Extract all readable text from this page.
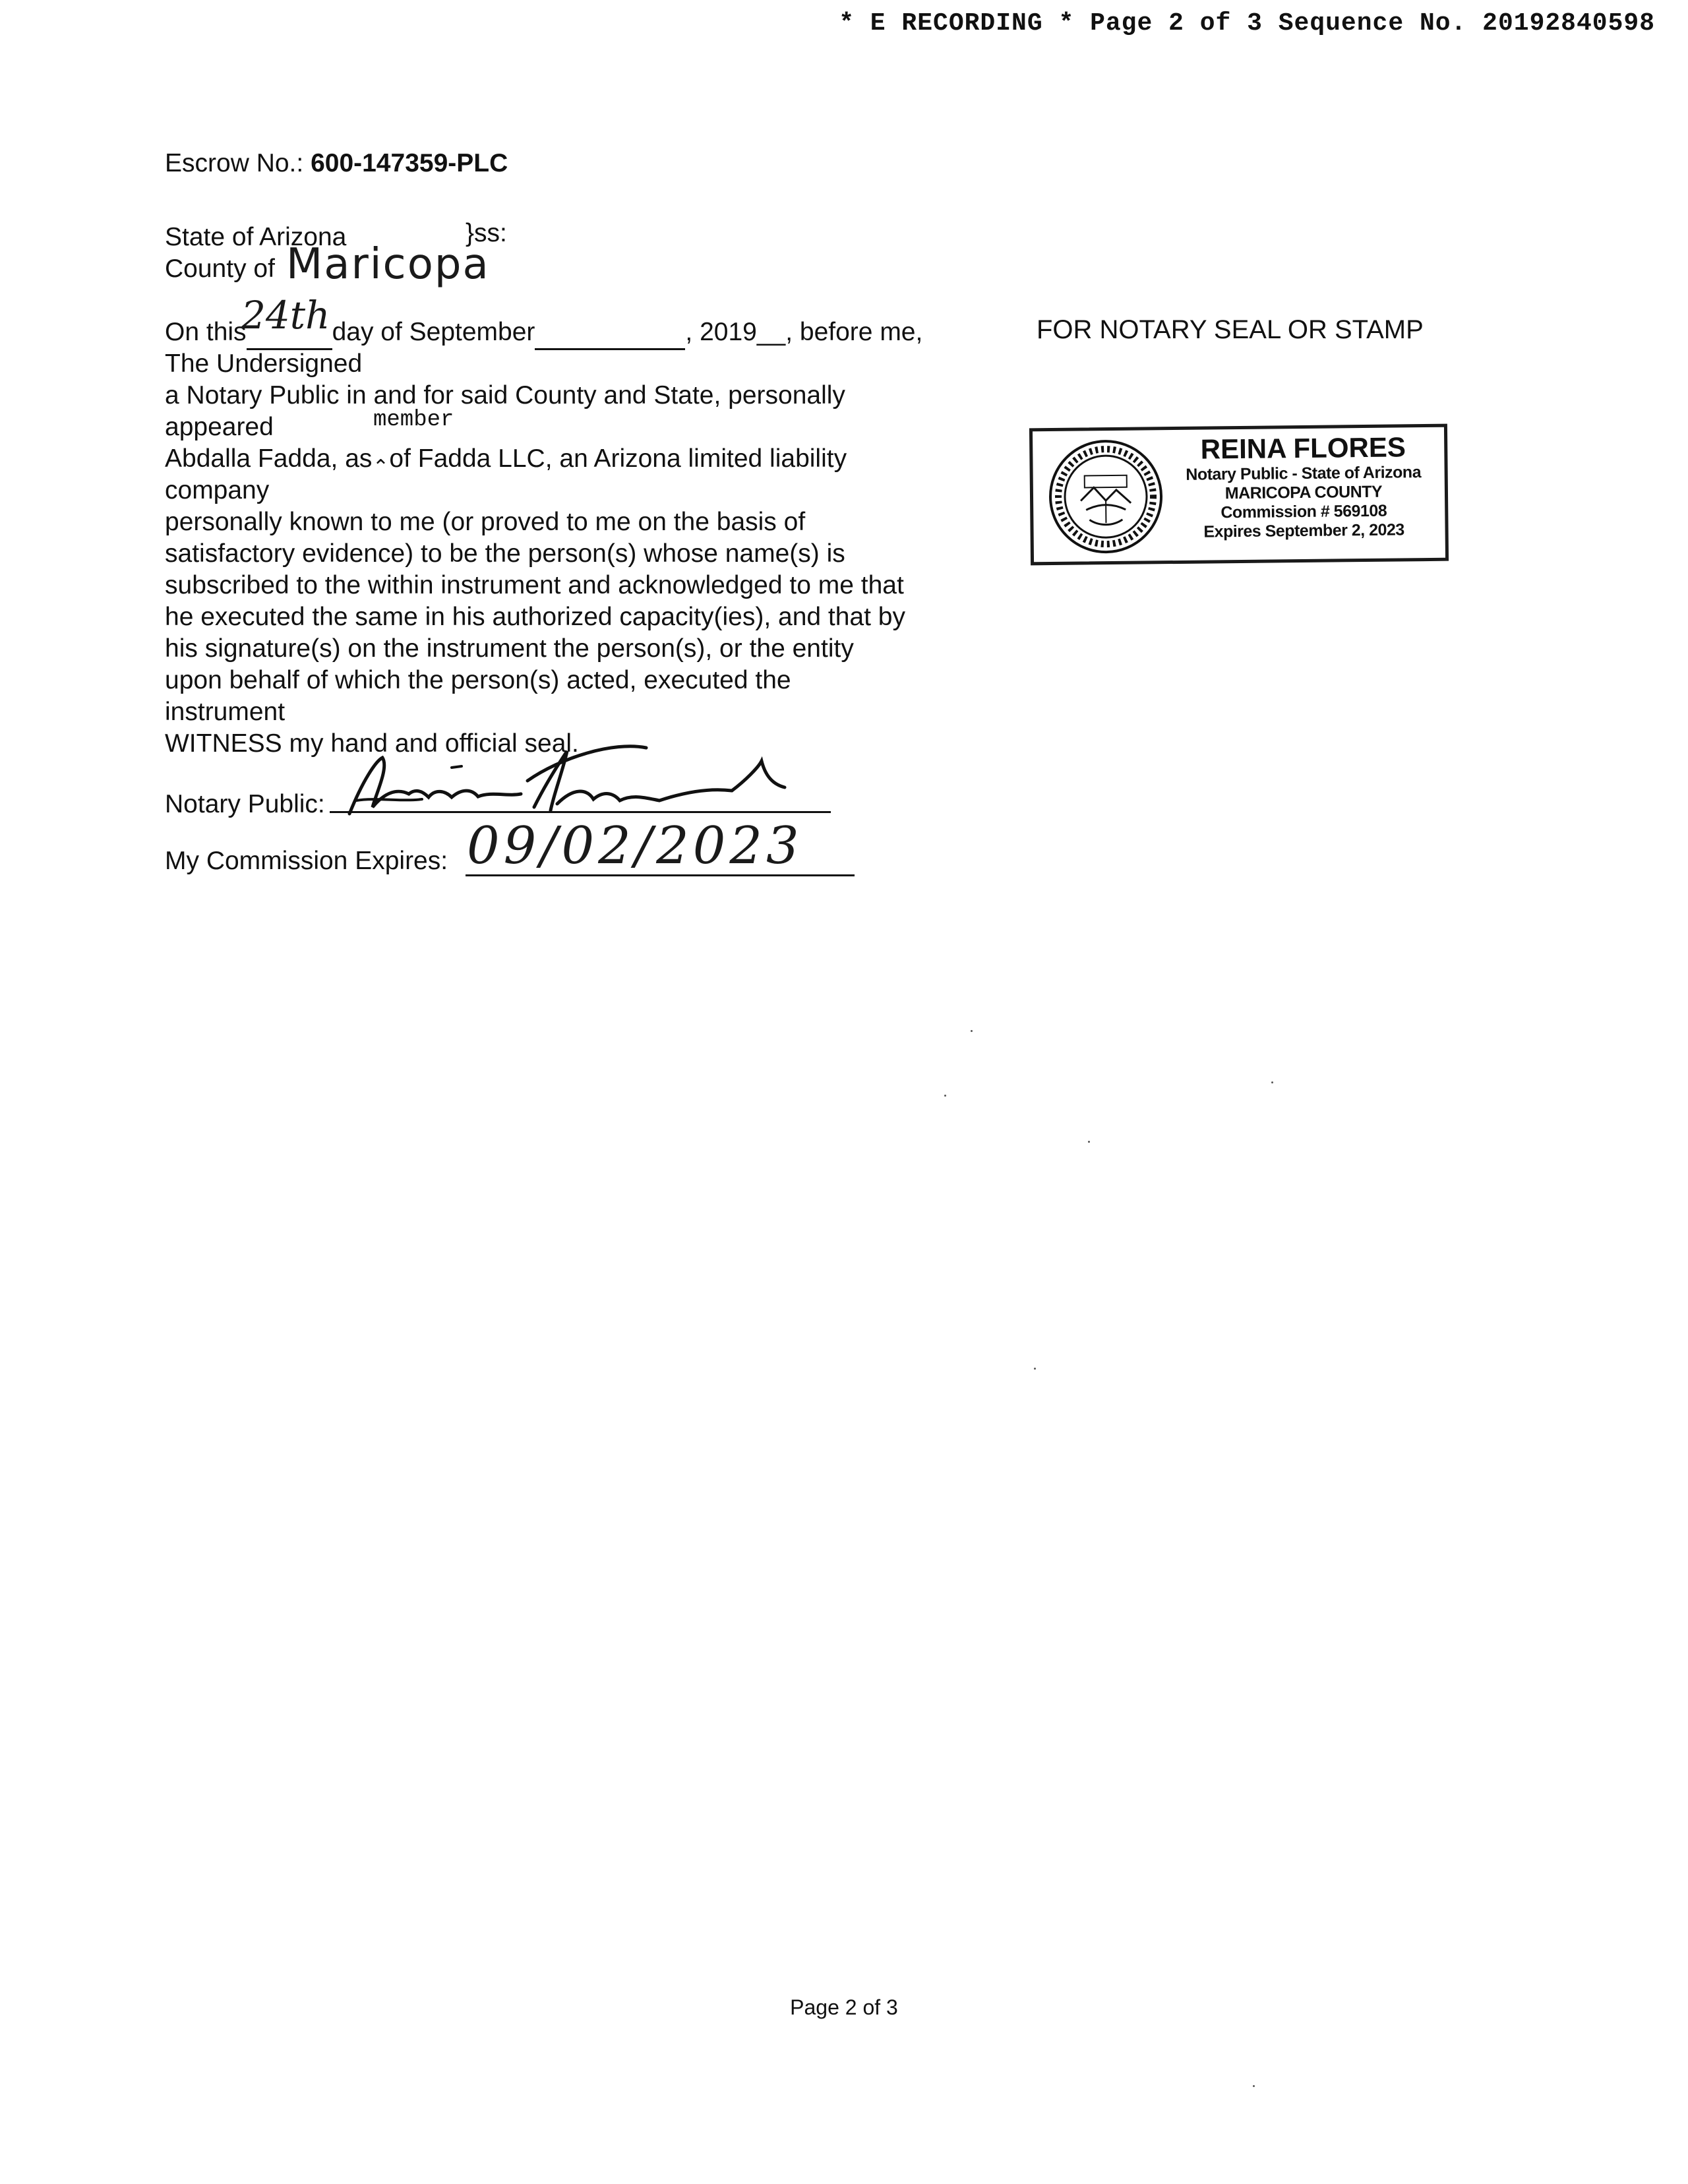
* E RECORDING * Page 2 of 3 Sequence No. 20192840598
Escrow No.: 600-147359-PLC
State of Arizona	}ss:
County of Maricopa
On this	day of September	, 2019__, before me,
24th
The Undersigned
a Notary Public in and for said County and State, personally
appeared	member
Abdalla Fadda, as⌃of Fadda LLC, an Arizona limited liability
company
personally known to me (or proved to me on the basis of
satisfactory evidence) to be the person(s) whose name(s) is
subscribed to the within instrument and acknowledged to me that
he executed the same in his authorized capacity(ies), and that by
his signature(s) on the instrument the person(s), or the entity
upon behalf of which the person(s) acted, executed the
instrument
WITNESS my hand and official seal.
Notary Public:
My Commission Expires: 09/02/2023
FOR NOTARY SEAL OR STAMP
REINA FLORES
Notary Public - State of Arizona
MARICOPA COUNTY
Commission # 569108
Expires September 2, 2023
Page 2 of 3
